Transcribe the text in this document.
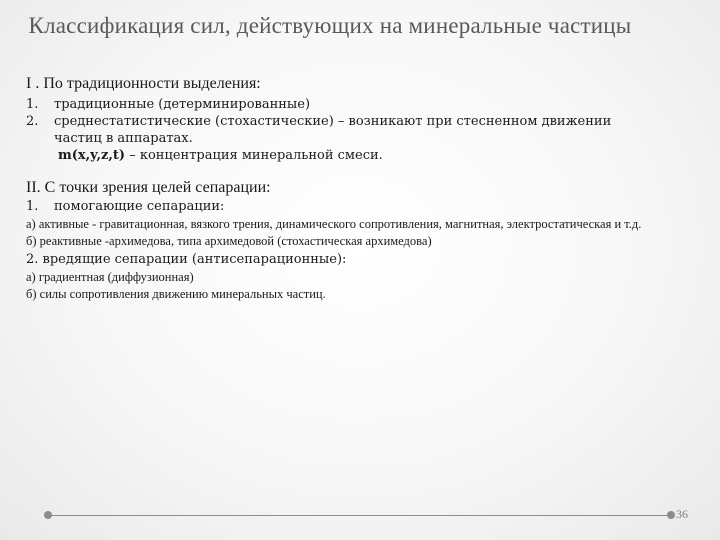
Классификация сил, действующих на минеральные частицы

I . По традиционности выделения:

1.	традиционные (детерминированные)
2.	среднестатистические (стохастические) – возникают при стесненном движении частиц в аппаратах.
m(x,y,z,t) – концентрация минеральной смеси.

II. С точки зрения целей сепарации:

1.	помогающие сепарации:

а) активные - гравитационная, вязкого трения, динамического сопротивления, магнитная, электростатическая и т.д.

б) реактивные -архимедова, типа архимедовой (стохастическая архимедова)

2. вредящие сепарации (антисепарационные):

а) градиентная (диффузионная)

б) силы сопротивления движению минеральных частиц.

36
